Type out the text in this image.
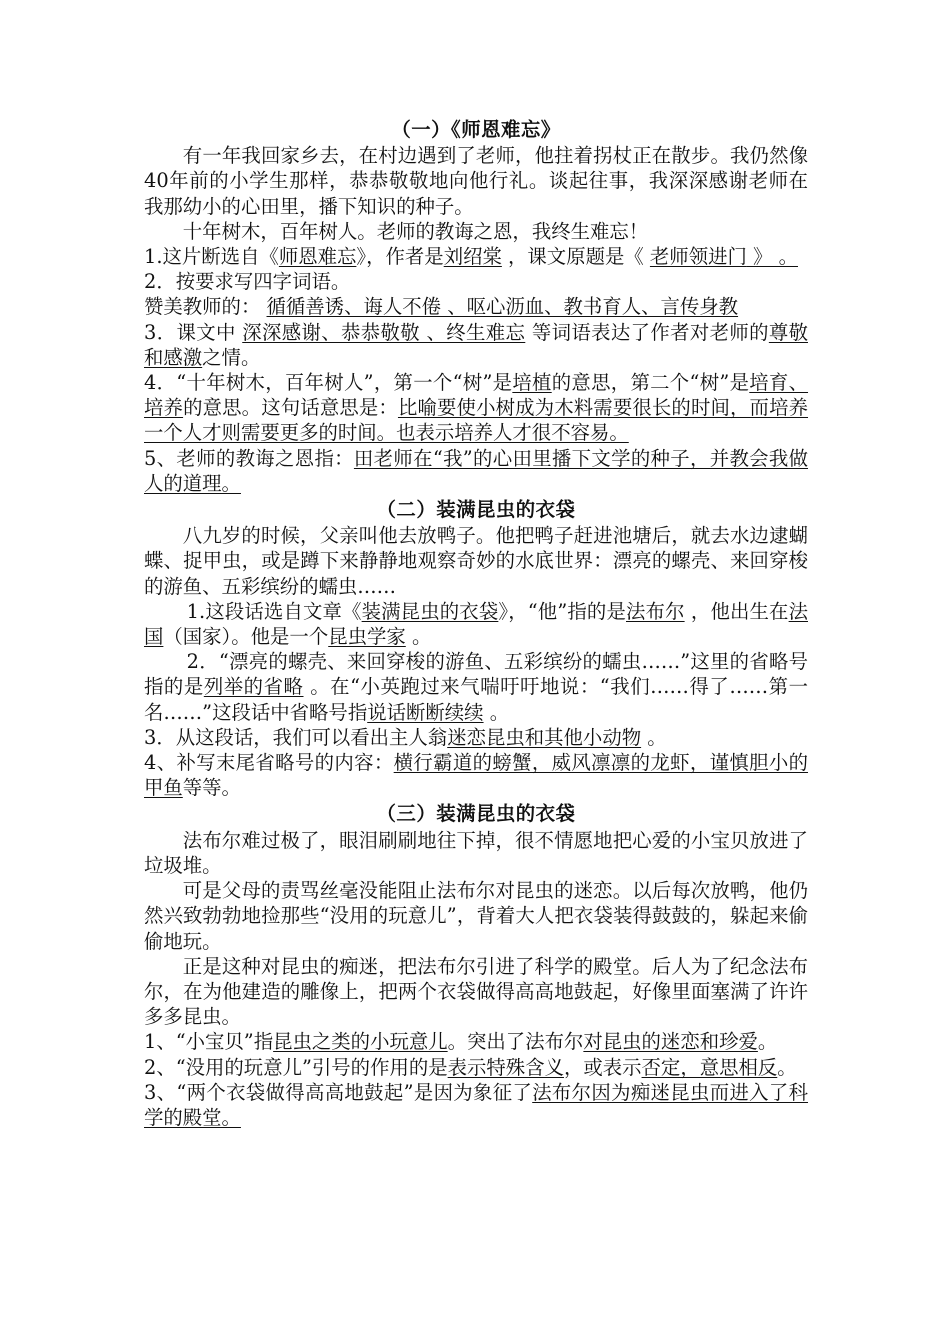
（一）《师恩难忘》
有一年我回家乡去，在村边遇到了老师，他拄着拐杖正在散步。我仍然像40年前的小学生那样，恭恭敬敬地向他行礼。谈起往事，我深深感谢老师在我那幼小的心田里，播下知识的种子。
十年树木，百年树人。老师的教诲之恩，我终生难忘！
1.这片断选自《师恩难忘》，作者是刘绍棠 ，课文原题是《 老师领进门 》 。
2．按要求写四字词语。
赞美教师的： 循循善诱、诲人不倦 、呕心沥血、教书育人、言传身教
3．课文中 深深感谢、恭恭敬敬 、终生难忘 等词语表达了作者对老师的尊敬和感激之情。
4．“十年树木，百年树人”，第一个“树”是培植的意思，第二个“树”是培育、培养的意思。这句话意思是：比喻要使小树成为木料需要很长的时间，而培养一个人才则需要更多的时间。也表示培养人才很不容易。
5、老师的教诲之恩指：田老师在“我”的心田里播下文学的种子，并教会我做人的道理。
（二）装满昆虫的衣袋
八九岁的时候，父亲叫他去放鸭子。他把鸭子赶进池塘后，就去水边逮蝴蝶、捉甲虫，或是蹲下来静静地观察奇妙的水底世界：漂亮的螺壳、来回穿梭的游鱼、五彩缤纷的蠕虫……
1.这段话选自文章《装满昆虫的衣袋》，“他”指的是法布尔 ，他出生在法国（国家）。他是一个昆虫学家 。
2．“漂亮的螺壳、来回穿梭的游鱼、五彩缤纷的蠕虫……”这里的省略号指的是列举的省略 。在“小英跑过来气喘吁吁地说：“我们……得了……第一名……”这段话中省略号指说话断断续续 。
3．从这段话，我们可以看出主人翁迷恋昆虫和其他小动物 。
4、补写末尾省略号的内容：横行霸道的螃蟹，威风凛凛的龙虾，谨慎胆小的甲鱼等等。
（三）装满昆虫的衣袋
法布尔难过极了，眼泪刷刷地往下掉，很不情愿地把心爱的小宝贝放进了垃圾堆。
可是父母的责骂丝毫没能阻止法布尔对昆虫的迷恋。以后每次放鸭，他仍然兴致勃勃地捡那些“没用的玩意儿”，背着大人把衣袋装得鼓鼓的，躲起来偷偷地玩。
正是这种对昆虫的痴迷，把法布尔引进了科学的殿堂。后人为了纪念法布尔，在为他建造的雕像上，把两个衣袋做得高高地鼓起，好像里面塞满了许许多多昆虫。
1、“小宝贝”指昆虫之类的小玩意儿。突出了法布尔对昆虫的迷恋和珍爱。
2、“没用的玩意儿”引号的作用的是表示特殊含义，或表示否定，意思相反。
3、“两个衣袋做得高高地鼓起”是因为象征了法布尔因为痴迷昆虫而进入了科学的殿堂。
